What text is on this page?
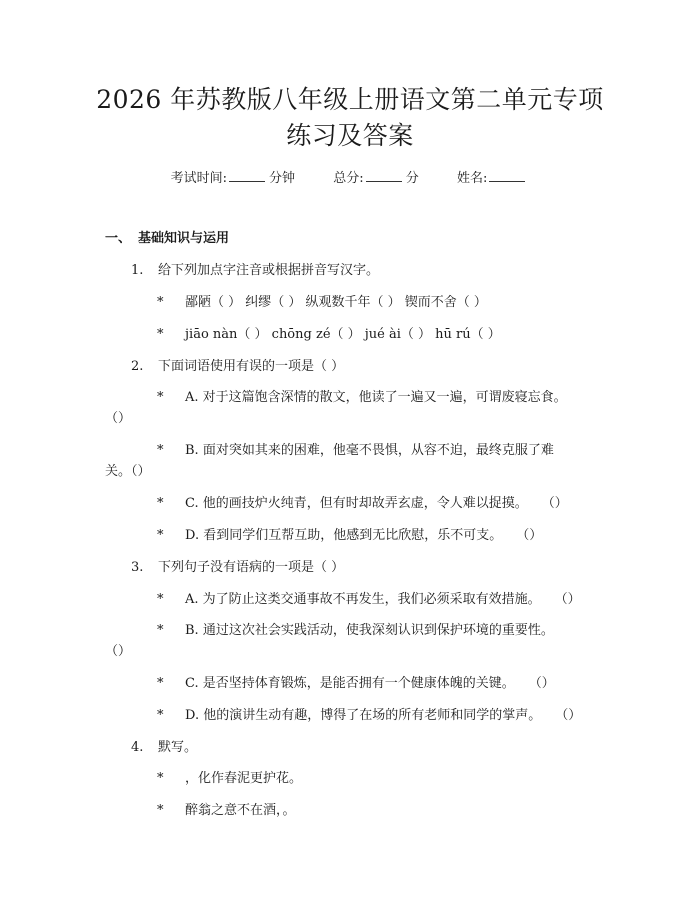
2026 年苏教版八年级上册语文第二单元专项
练习及答案
考试时间:	分钟	总分:	分	姓名:
一、 基础知识与运用
1. 给下列加点字注音或根据拼音写汉字。
* 鄙陋（ ） 纠缪（ ） 纵观数千年（ ） 锲而不舍（ ）
* jiāo nàn（ ） chōng zé（ ） jué ài（ ） hū rú（ ）
2. 下面词语使用有误的一项是（ ）
* A. 对于这篇饱含深情的散文，他读了一遍又一遍，可谓废寝忘食。
（）
* B. 面对突如其来的困难，他毫不畏惧，从容不迫，最终克服了难
关。（）
* C. 他的画技炉火纯青，但有时却故弄玄虚，令人难以捉摸。 （）
* D. 看到同学们互帮互助，他感到无比欣慰，乐不可支。 （）
3. 下列句子没有语病的一项是（ ）
* A. 为了防止这类交通事故不再发生，我们必须采取有效措施。 （）
* B. 通过这次社会实践活动，使我深刻认识到保护环境的重要性。
（）
* C. 是否坚持体育锻炼，是能否拥有一个健康体魄的关键。 （）
* D. 他的演讲生动有趣，博得了在场的所有老师和同学的掌声。 （）
4. 默写。
* ，化作春泥更护花。
* 醉翁之意不在酒，。
